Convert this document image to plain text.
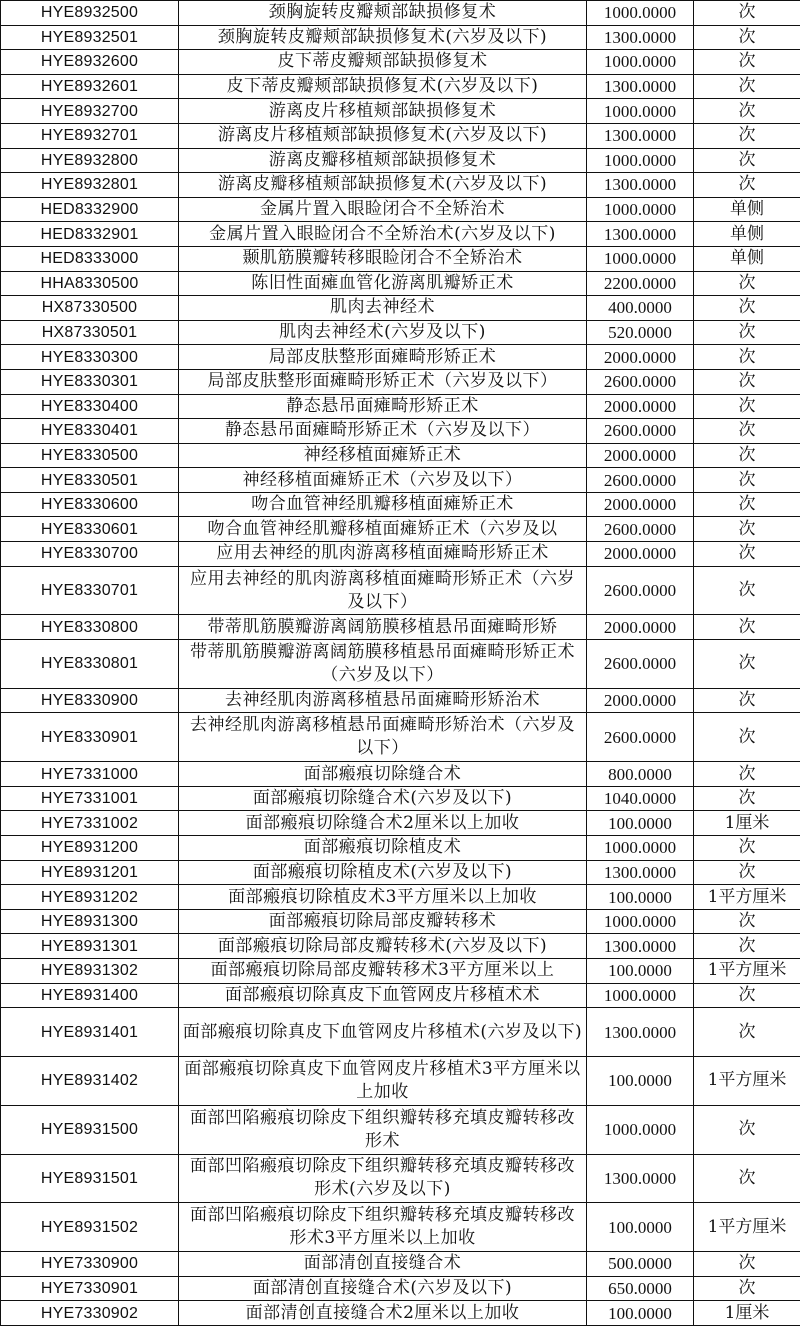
HYE8932500	颈胸旋转皮瓣颊部缺损修复术	1000.0000	次
HYE8932501	颈胸旋转皮瓣颊部缺损修复术(六岁及以下)	1300.0000	次
HYE8932600	皮下蒂皮瓣颊部缺损修复术	1000.0000	次
HYE8932601	皮下蒂皮瓣颊部缺损修复术(六岁及以下)	1300.0000	次
HYE8932700	游离皮片移植颊部缺损修复术	1000.0000	次
HYE8932701	游离皮片移植颊部缺损修复术(六岁及以下)	1300.0000	次
HYE8932800	游离皮瓣移植颊部缺损修复术	1000.0000	次
HYE8932801	游离皮瓣移植颊部缺损修复术(六岁及以下)	1300.0000	次
HED8332900	金属片置入眼睑闭合不全矫治术	1000.0000	单侧
HED8332901	金属片置入眼睑闭合不全矫治术(六岁及以下)	1300.0000	单侧
HED8333000	颞肌筋膜瓣转移眼睑闭合不全矫治术	1000.0000	单侧
HHA8330500	陈旧性面瘫血管化游离肌瓣矫正术	2200.0000	次
HX87330500	肌肉去神经术	400.0000	次
HX87330501	肌肉去神经术(六岁及以下)	520.0000	次
HYE8330300	局部皮肤整形面瘫畸形矫正术	2000.0000	次
HYE8330301	局部皮肤整形面瘫畸形矫正术（六岁及以下）	2600.0000	次
HYE8330400	静态悬吊面瘫畸形矫正术	2000.0000	次
HYE8330401	静态悬吊面瘫畸形矫正术（六岁及以下）	2600.0000	次
HYE8330500	神经移植面瘫矫正术	2000.0000	次
HYE8330501	神经移植面瘫矫正术（六岁及以下）	2600.0000	次
HYE8330600	吻合血管神经肌瓣移植面瘫矫正术	2000.0000	次
HYE8330601	吻合血管神经肌瓣移植面瘫矫正术（六岁及以	2600.0000	次
HYE8330700	应用去神经的肌肉游离移植面瘫畸形矫正术	2000.0000	次
HYE8330701	应用去神经的肌肉游离移植面瘫畸形矫正术（六岁及以下）	2600.0000	次
HYE8330800	带蒂肌筋膜瓣游离阔筋膜移植悬吊面瘫畸形矫	2000.0000	次
HYE8330801	带蒂肌筋膜瓣游离阔筋膜移植悬吊面瘫畸形矫正术（六岁及以下）	2600.0000	次
HYE8330900	去神经肌肉游离移植悬吊面瘫畸形矫治术	2000.0000	次
HYE8330901	去神经肌肉游离移植悬吊面瘫畸形矫治术（六岁及以下）	2600.0000	次
HYE7331000	面部瘢痕切除缝合术	800.0000	次
HYE7331001	面部瘢痕切除缝合术(六岁及以下)	1040.0000	次
HYE7331002	面部瘢痕切除缝合术2厘米以上加收	100.0000	1厘米
HYE8931200	面部瘢痕切除植皮术	1000.0000	次
HYE8931201	面部瘢痕切除植皮术(六岁及以下)	1300.0000	次
HYE8931202	面部瘢痕切除植皮术3平方厘米以上加收	100.0000	1平方厘米
HYE8931300	面部瘢痕切除局部皮瓣转移术	1000.0000	次
HYE8931301	面部瘢痕切除局部皮瓣转移术(六岁及以下)	1300.0000	次
HYE8931302	面部瘢痕切除局部皮瓣转移术3平方厘米以上	100.0000	1平方厘米
HYE8931400	面部瘢痕切除真皮下血管网皮片移植术术	1000.0000	次
HYE8931401	面部瘢痕切除真皮下血管网皮片移植术(六岁及以下)	1300.0000	次
HYE8931402	面部瘢痕切除真皮下血管网皮片移植术3平方厘米以上加收	100.0000	1平方厘米
HYE8931500	面部凹陷瘢痕切除皮下组织瓣转移充填皮瓣转移改形术	1000.0000	次
HYE8931501	面部凹陷瘢痕切除皮下组织瓣转移充填皮瓣转移改形术(六岁及以下)	1300.0000	次
HYE8931502	面部凹陷瘢痕切除皮下组织瓣转移充填皮瓣转移改形术3平方厘米以上加收	100.0000	1平方厘米
HYE7330900	面部清创直接缝合术	500.0000	次
HYE7330901	面部清创直接缝合术(六岁及以下)	650.0000	次
HYE7330902	面部清创直接缝合术2厘米以上加收	100.0000	1厘米
